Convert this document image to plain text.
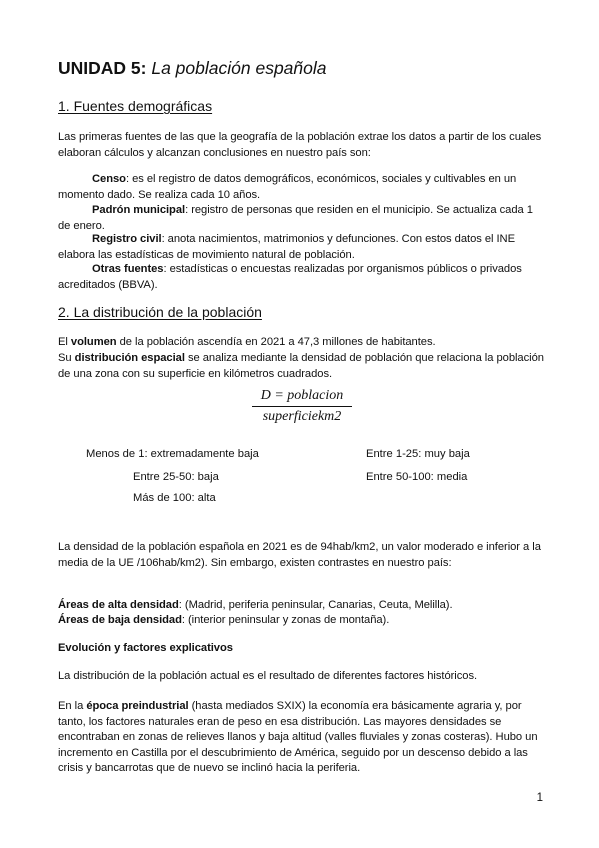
UNIDAD 5: La población española
1. Fuentes demográficas

Las primeras fuentes de las que la geografía de la población extrae los datos a partir de los cuales elaboran cálculos y alcanzan conclusiones en nuestro país son:

Censo: es el registro de datos demográficos, económicos, sociales y cultivables en un momento dado. Se realiza cada 10 años.

Padrón municipal: registro de personas que residen en el municipio. Se actualiza cada 1 de enero.

Registro civil: anota nacimientos, matrimonios y defunciones. Con estos datos el INE elabora las estadísticas de movimiento natural de población.

Otras fuentes: estadísticas o encuestas realizadas por organismos públicos o privados acreditados (BBVA).

2. La distribución de la población

El volumen de la población ascendía en 2021 a 47,3 millones de habitantes.

Su distribución espacial se analiza mediante la densidad de población que relaciona la población de una zona con su superficie en kilómetros cuadrados.

D = poblacion
superficiekm2
Menos de 1: extremadamente baja	Entre 1-25: muy baja
Entre 25-50: baja	Entre 50-100: media
Más de 100: alta

La densidad de la población española en 2021 es de 94hab/km2, un valor moderado e inferior a la media de la UE /106hab/km2). Sin embargo, existen contrastes en nuestro país:

Áreas de alta densidad: (Madrid, periferia peninsular, Canarias, Ceuta, Melilla).

Áreas de baja densidad: (interior peninsular y zonas de montaña).

Evolución y factores explicativos

La distribución de la población actual es el resultado de diferentes factores históricos.

En la época preindustrial (hasta mediados SXIX) la economía era básicamente agraria y, por tanto, los factores naturales eran de peso en esa distribución. Las mayores densidades se encontraban en zonas de relieves llanos y baja altitud (valles fluviales y zonas costeras). Hubo un incremento en Castilla por el descubrimiento de América, seguido por un descenso debido a las crisis y bancarrotas que de nuevo se inclinó hacia la periferia.

1
